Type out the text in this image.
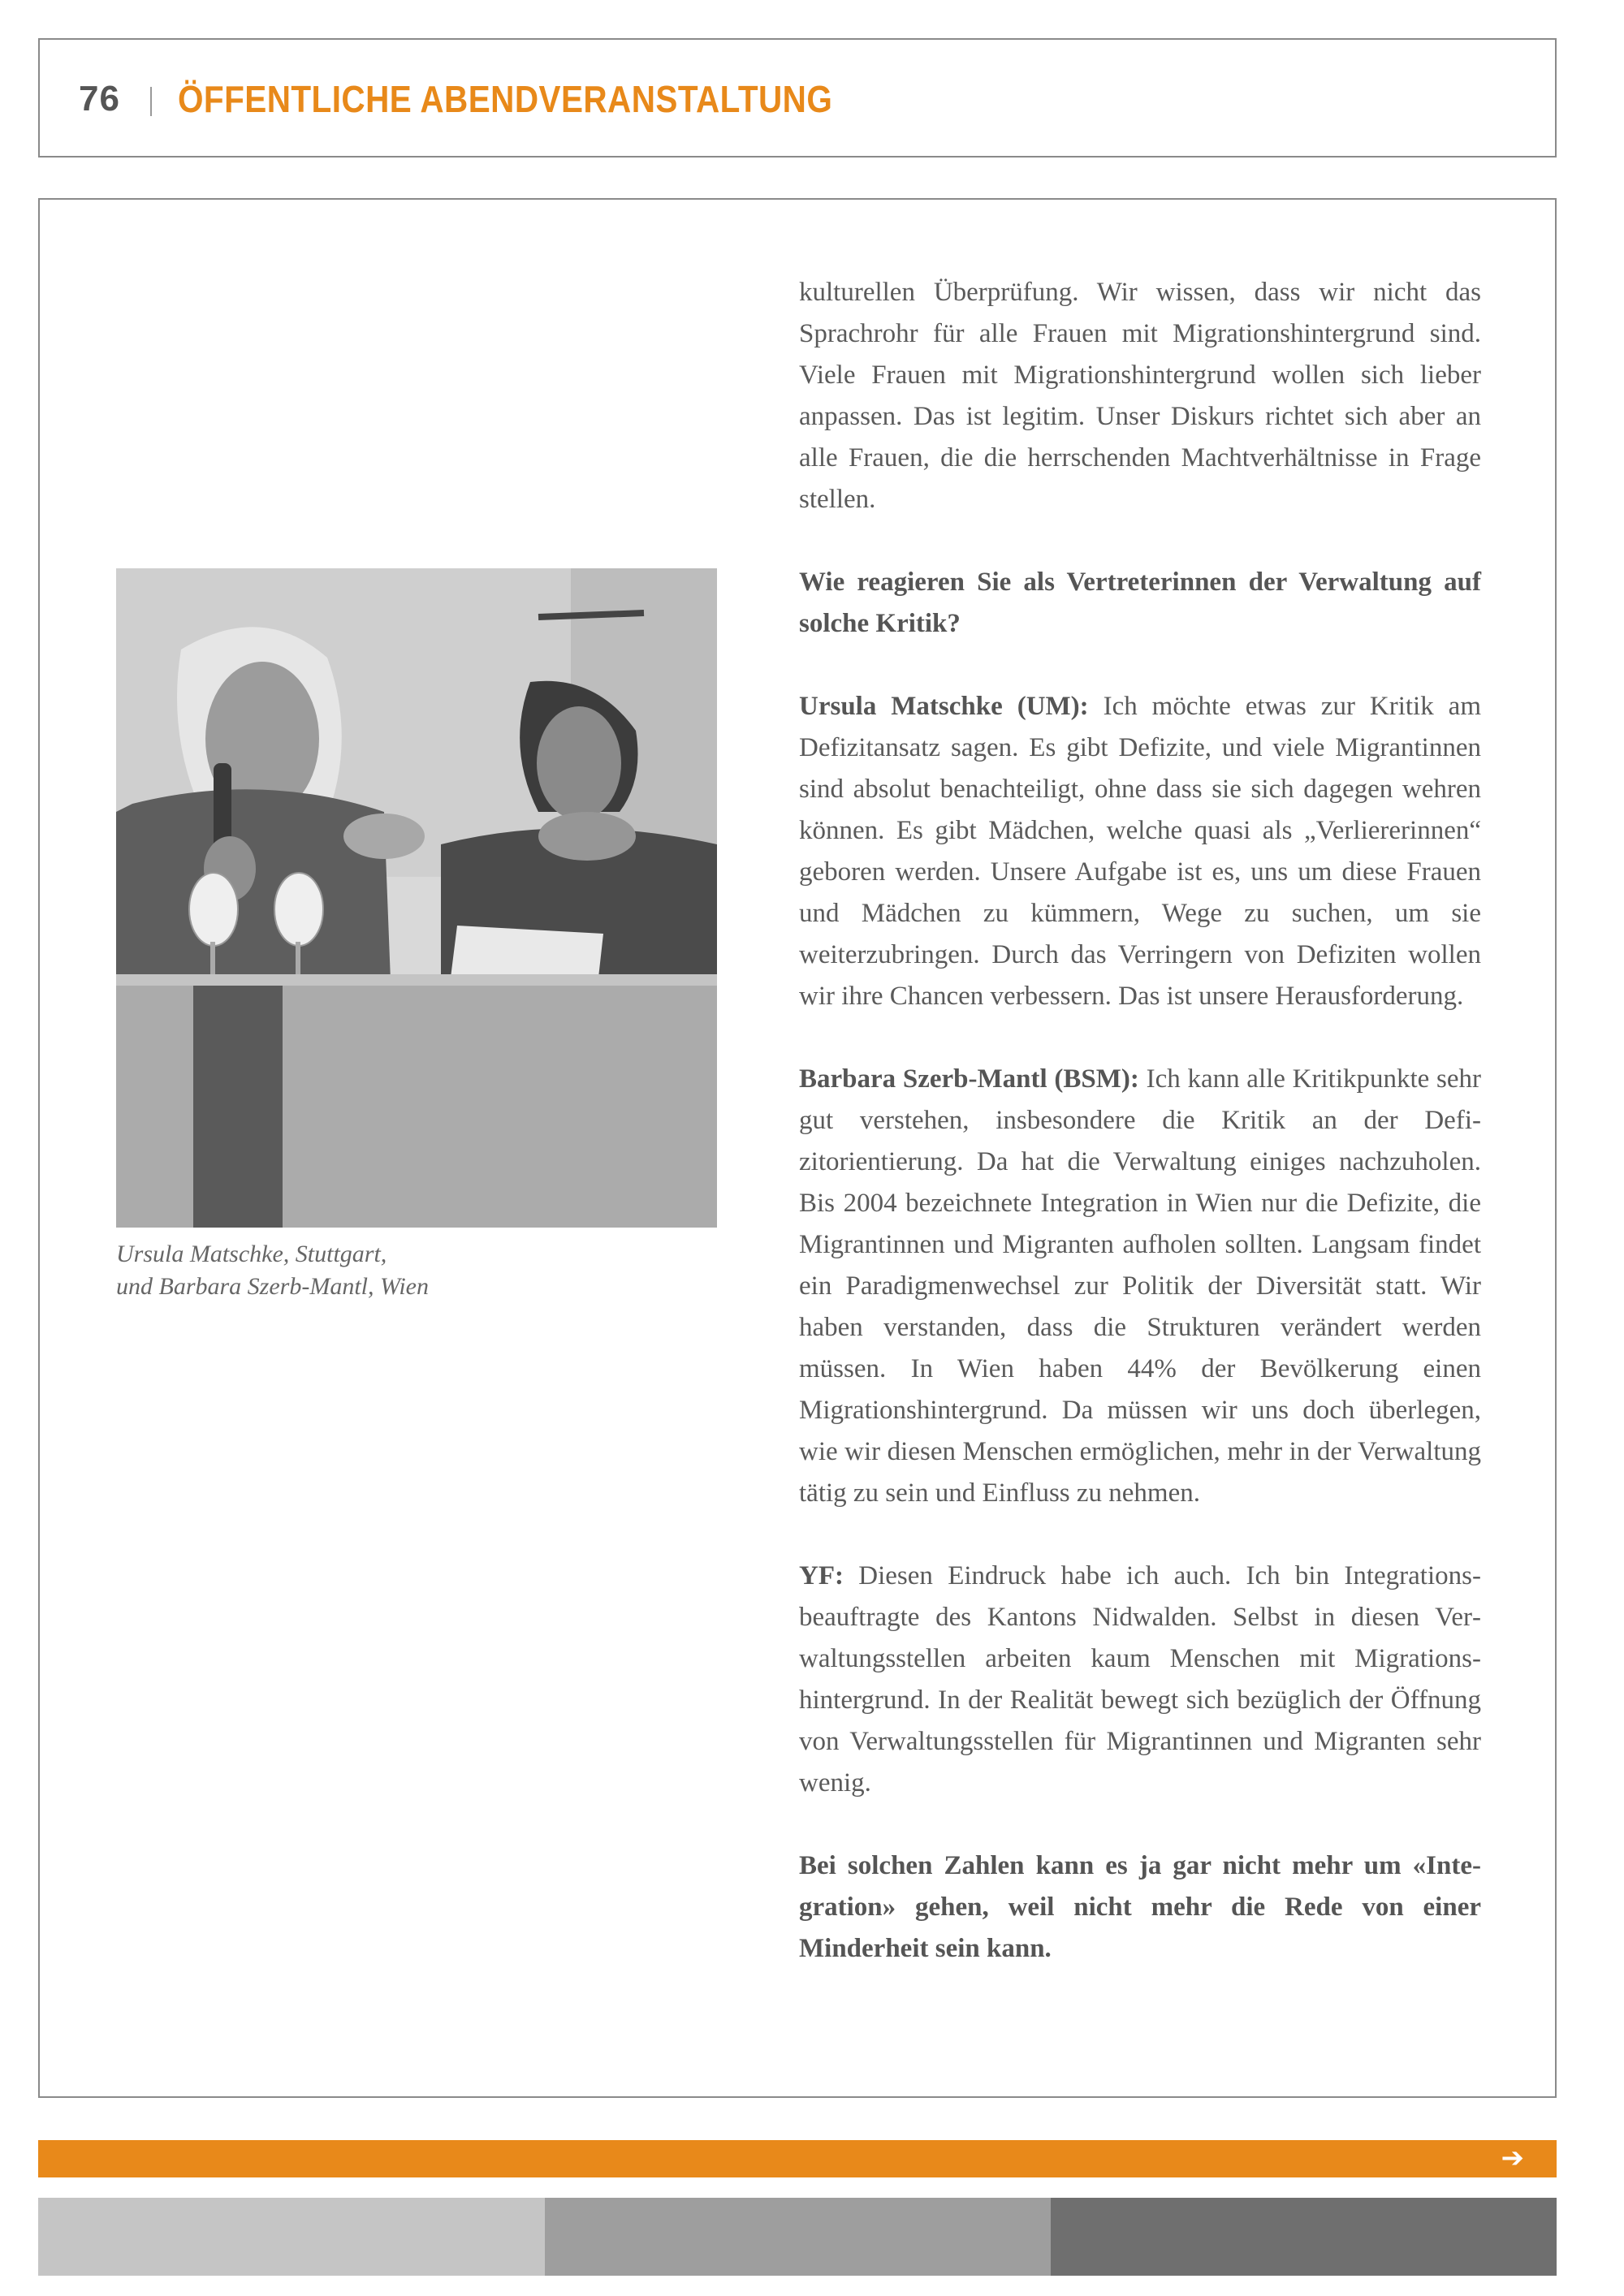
76 ÖFFENTLICHE ABENDVERANSTALTUNG
Ursula Matschke, Stuttgart,
und Barbara Szerb-Mantl, Wien

kulturellen Überprüfung. Wir wissen, dass wir nicht das Sprachrohr für alle Frauen mit Migrationshintergrund sind. Viele Frauen mit Migrationshintergrund wollen sich lieber anpassen. Das ist legitim. Unser Diskurs richtet sich aber an alle Frauen, die die herrschenden Machtverhältnisse in Frage stellen.

Wie reagieren Sie als Vertreterinnen der Verwaltung auf solche Kritik?

Ursula Matschke (UM): Ich möchte etwas zur Kritik am Defizitansatz sagen. Es gibt Defizite, und viele Migrantinnen sind absolut benachteiligt, ohne dass sie sich dagegen wehren können. Es gibt Mädchen, welche quasi als „Verliererinnen“ geboren werden. Unsere Aufgabe ist es, uns um diese Frauen und Mädchen zu kümmern, Wege zu suchen, um sie weiterzubringen. Durch das Verringern von Defiziten wollen wir ihre Chancen verbessern. Das ist unsere Herausforderung.

Barbara Szerb-Mantl (BSM): Ich kann alle Kritikpunkte sehr gut verstehen, insbesondere die Kritik an der Defizitorientierung. Da hat die Verwaltung einiges nachzuholen. Bis 2004 bezeichnete Integration in Wien nur die Defizite, die Migrantinnen und Migranten aufholen sollten. Langsam findet ein Paradigmenwechsel zur Politik der Diversität statt. Wir haben verstanden, dass die Strukturen verändert werden müssen. In Wien haben 44% der Bevölkerung einen Migrationshintergrund. Da müssen wir uns doch überlegen, wie wir diesen Menschen ermöglichen, mehr in der Verwaltung tätig zu sein und Einfluss zu nehmen.

YF: Diesen Eindruck habe ich auch. Ich bin Integrationsbeauftragte des Kantons Nidwalden. Selbst in diesen Verwaltungsstellen arbeiten kaum Menschen mit Migrationshintergrund. In der Realität bewegt sich bezüglich der Öffnung von Verwaltungsstellen für Migrantinnen und Migranten sehr wenig.

Bei solchen Zahlen kann es ja gar nicht mehr um «Integration» gehen, weil nicht mehr die Rede von einer Minderheit sein kann.

➔
